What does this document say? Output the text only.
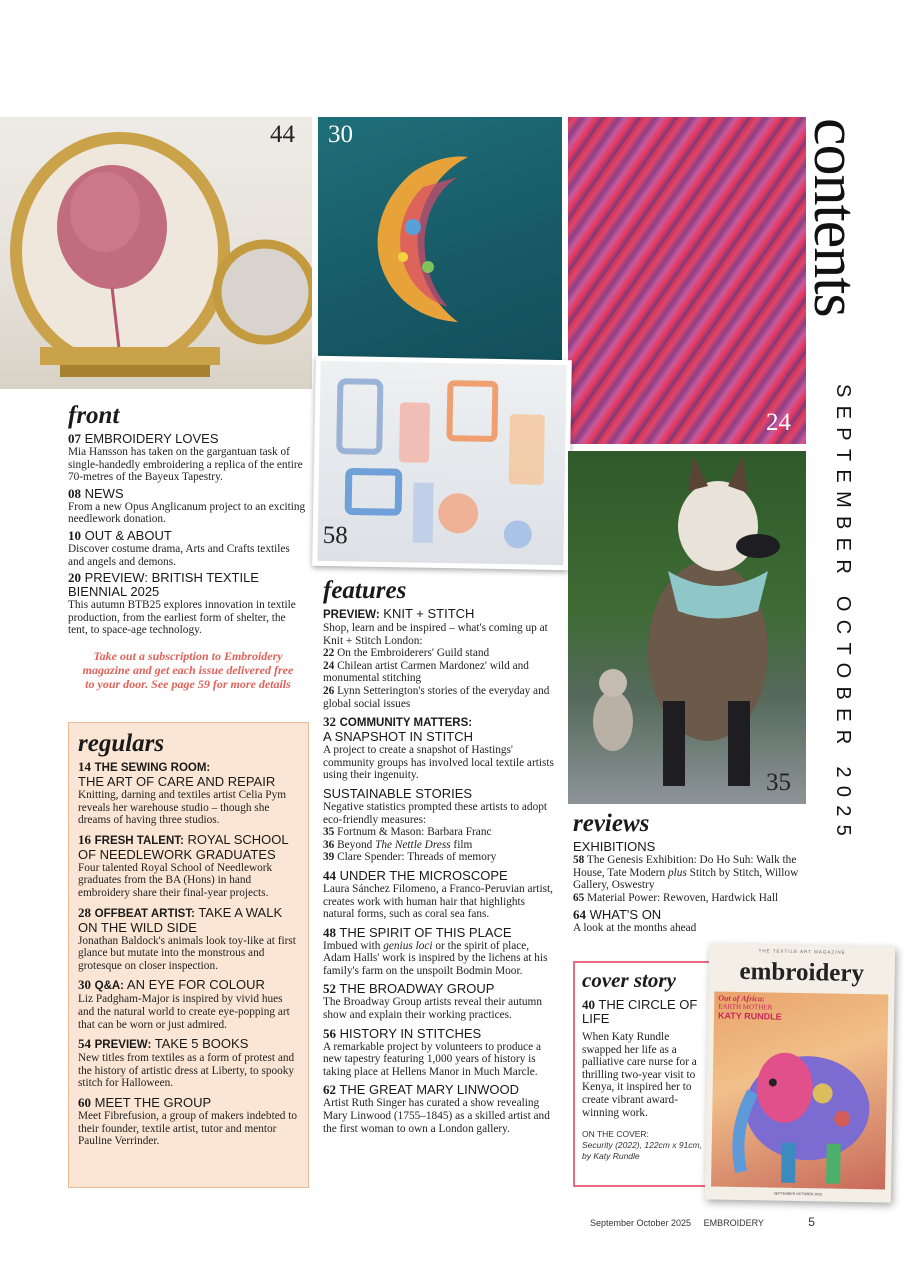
44 30
24
58
35
contents
SEPTEMBER OCTOBER 2025
front
07 EMBROIDERY LOVES
Mia Hansson has taken on the gargantuan task of single-handedly embroidering a replica of the entire 70-metres of the Bayeux Tapestry.
08 NEWS
From a new Opus Anglicanum project to an exciting needlework donation.
10 OUT & ABOUT
Discover costume drama, Arts and Crafts textiles and angels and demons.
20 PREVIEW: BRITISH TEXTILE BIENNIAL 2025
This autumn BTB25 explores innovation in textile production, from the earliest form of shelter, the tent, to space-age technology.
Take out a subscription to Embroidery
magazine and get each issue delivered free
to your door. See page 59 for more details
regulars
14 THE SEWING ROOM:
THE ART OF CARE AND REPAIR
Knitting, darning and textiles artist Celia Pym reveals her warehouse studio – though she dreams of having three studios.
16 FRESH TALENT: ROYAL SCHOOL OF NEEDLEWORK GRADUATES
Four talented Royal School of Needlework graduates from the BA (Hons) in hand embroidery share their final-year projects.
28 OFFBEAT ARTIST: TAKE A WALK ON THE WILD SIDE
Jonathan Baldock's animals look toy-like at first glance but mutate into the monstrous and grotesque on closer inspection.
30 Q&A: AN EYE FOR COLOUR
Liz Padgham-Major is inspired by vivid hues and the natural world to create eye-popping art that can be worn or just admired.
54 PREVIEW: TAKE 5 BOOKS
New titles from textiles as a form of protest and the history of artistic dress at Liberty, to spooky stitch for Halloween.
60 MEET THE GROUP
Meet Fibrefusion, a group of makers indebted to their founder, textile artist, tutor and mentor Pauline Verrinder.
features
PREVIEW: KNIT + STITCH
Shop, learn and be inspired – what's coming up at Knit + Stitch London:
22 On the Embroiderers' Guild stand
24 Chilean artist Carmen Mardonez' wild and monumental stitching
26 Lynn Setterington's stories of the everyday and global social issues
32 COMMUNITY MATTERS:
A SNAPSHOT IN STITCH
A project to create a snapshot of Hastings' community groups has involved local textile artists using their ingenuity.
SUSTAINABLE STORIES
Negative statistics prompted these artists to adopt eco-friendly measures:
35 Fortnum & Mason: Barbara Franc
36 Beyond The Nettle Dress film
39 Clare Spender: Threads of memory
44 UNDER THE MICROSCOPE
Laura Sánchez Filomeno, a Franco-Peruvian artist, creates work with human hair that highlights natural forms, such as coral sea fans.
48 THE SPIRIT OF THIS PLACE
Imbued with genius loci or the spirit of place, Adam Halls' work is inspired by the lichens at his family's farm on the unspoilt Bodmin Moor.
52 THE BROADWAY GROUP
The Broadway Group artists reveal their autumn show and explain their working practices.
56 HISTORY IN STITCHES
A remarkable project by volunteers to produce a new tapestry featuring 1,000 years of history is taking place at Hellens Manor in Much Marcle.
62 THE GREAT MARY LINWOOD
Artist Ruth Singer has curated a show revealing Mary Linwood (1755–1845) as a skilled artist and the first woman to own a London gallery.
reviews
EXHIBITIONS
58 The Genesis Exhibition: Do Ho Suh: Walk the House, Tate Modern plus Stitch by Stitch, Willow Gallery, Oswestry
65 Material Power: Rewoven, Hardwick Hall
64 WHAT'S ON
A look at the months ahead
cover story
40 THE CIRCLE OF LIFE
When Katy Rundle swapped her life as a palliative care nurse for a thrilling two-year visit to Kenya, it inspired her to create vibrant award-winning work.
ON THE COVER:
Security (2022), 122cm x 91cm, by Katy Rundle
THE TEXTILE ART MAGAZINE
embroidery
Out of Africa:
EARTH MOTHER
KATY RUNDLE
SEPTEMBER OCTOBER 2025
September October 2025 EMBROIDERY	5
